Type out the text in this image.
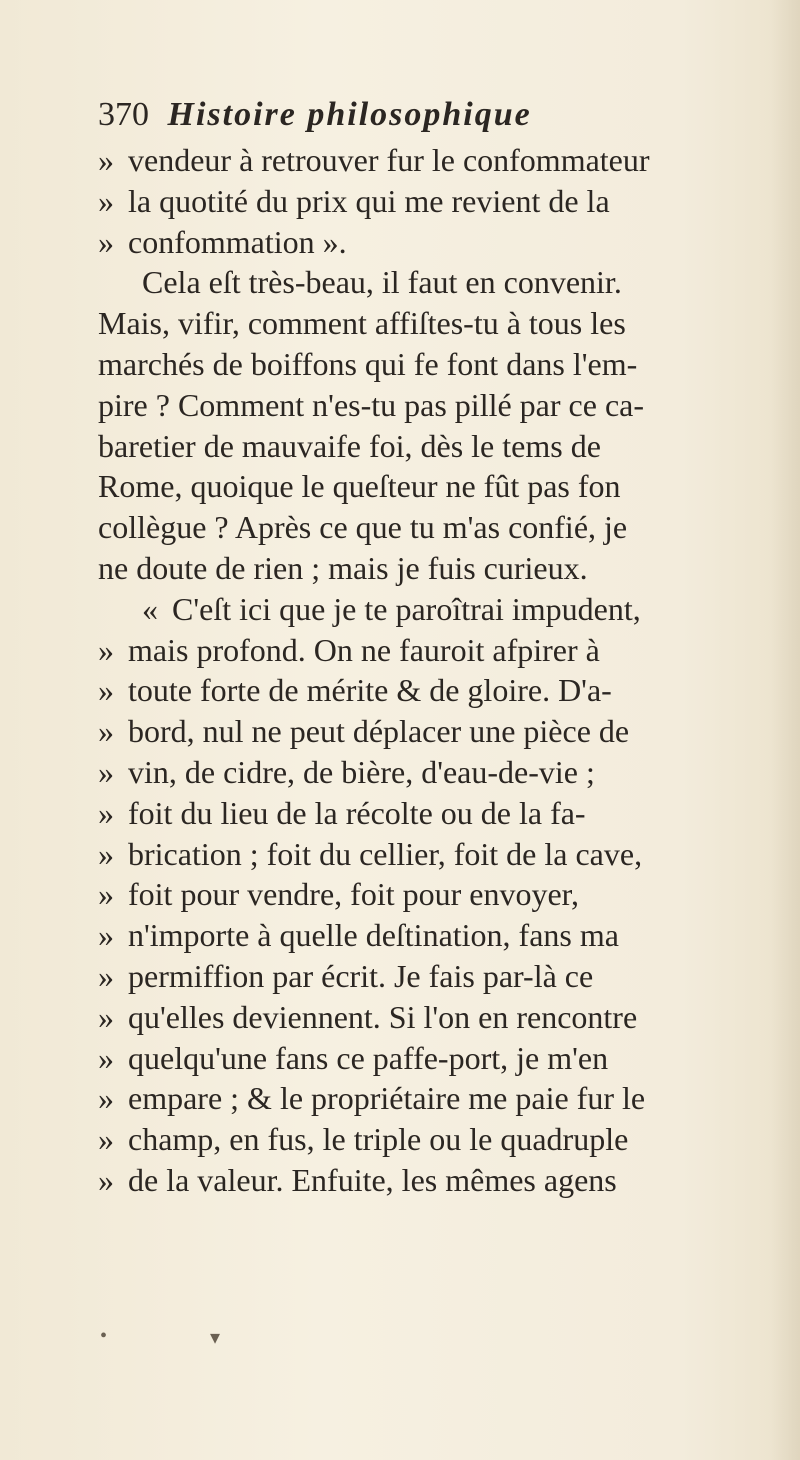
370 Histoire philosophique
» vendeur à retrouver fur le confommateur
» la quotité du prix qui me revient de la
» confommation ».
Cela eſt très-beau, il faut en convenir.
Mais, vifir, comment affiſtes-tu à tous les
marchés de boiffons qui fe font dans l'em-
pire ? Comment n'es-tu pas pillé par ce ca-
baretier de mauvaife foi, dès le tems de
Rome, quoique le queſteur ne fût pas fon
collègue ? Après ce que tu m'as confié, je
ne doute de rien ; mais je fuis curieux.
« C'eſt ici que je te paroîtrai impudent,
» mais profond. On ne fauroit afpirer à
» toute forte de mérite & de gloire. D'a-
» bord, nul ne peut déplacer une pièce de
» vin, de cidre, de bière, d'eau-de-vie ;
» foit du lieu de la récolte ou de la fa-
» brication ; foit du cellier, foit de la cave,
» foit pour vendre, foit pour envoyer,
» n'importe à quelle deſtination, fans ma
» permiffion par écrit. Je fais par-là ce
» qu'elles deviennent. Si l'on en rencontre
» quelqu'une fans ce paffe-port, je m'en
» empare ; & le propriétaire me paie fur le
» champ, en fus, le triple ou le quadruple
» de la valeur. Enfuite, les mêmes agens
•	▾
